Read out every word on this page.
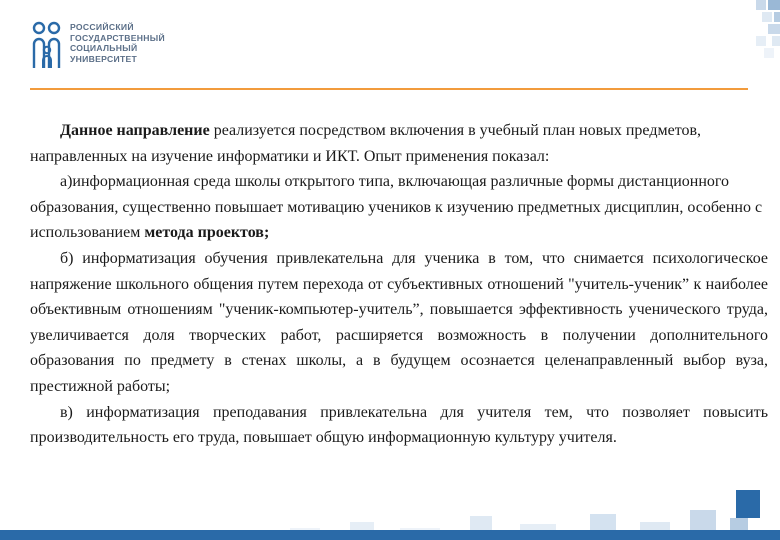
РОССИЙСКИЙ
ГОСУДАРСТВЕННЫЙ
СОЦИАЛЬНЫЙ
УНИВЕРСИТЕТ

Данное направление реализуется посредством включения в учебный план новых предметов, направленных на изучение информатики и ИКТ. Опыт применения показал:

а)информационная среда школы открытого типа, включающая различные формы дистанционного образования, существенно повышает мотивацию учеников к изучению предметных дисциплин, особенно с использованием метода проектов;

б) информатизация обучения привлекательна для ученика в том, что снимается психологическое напряжение школьного общения путем перехода от субъективных отношений "учитель-ученик” к наиболее объективным отношениям "ученик-компьютер-учитель”, повышается эффективность ученического труда, увеличивается доля творческих работ, расширяется возможность в получении дополнительного образования по предмету в стенах школы, а в будущем осознается целенаправленный выбор вуза, престижной работы;

в) информатизация преподавания привлекательна для учителя тем, что позволяет повысить производительность его труда, повышает общую информационную культуру учителя.
